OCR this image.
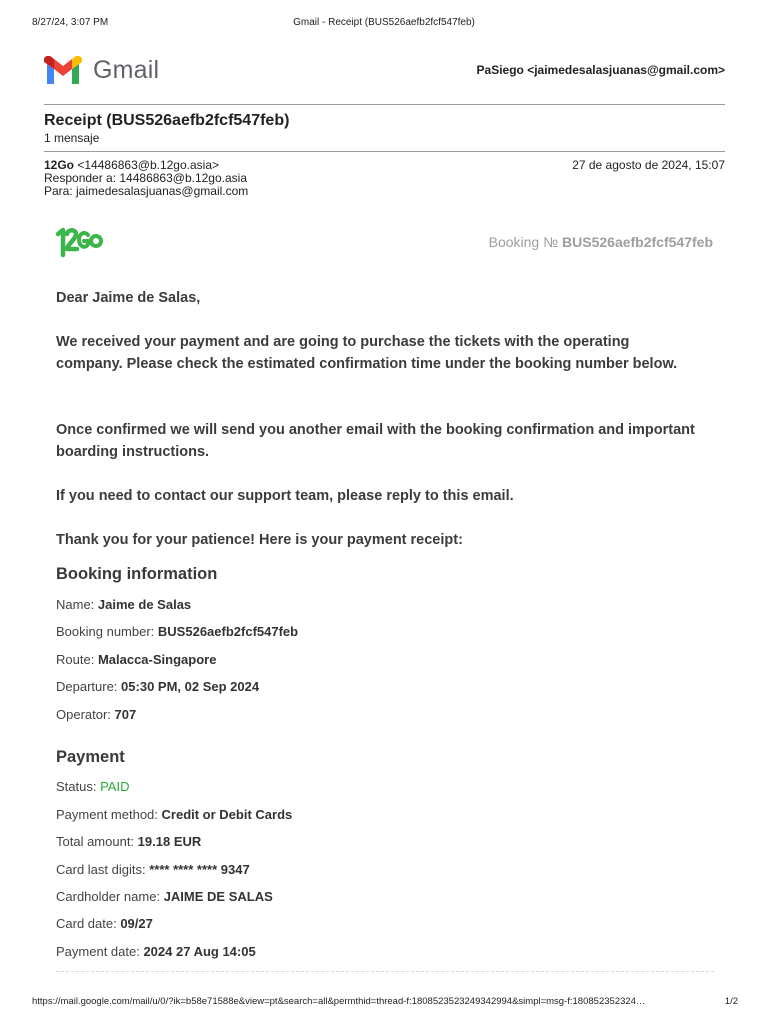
8/27/24, 3:07 PM	Gmail - Receipt (BUS526aefb2fcf547feb)
Gmail	PaSiego <jaimedesalasjuanas@gmail.com>
Receipt (BUS526aefb2fcf547feb)
1 mensaje
12Go <14486863@b.12go.asia>	27 de agosto de 2024, 15:07
Responder a: 14486863@b.12go.asia
Para: jaimedesalasjuanas@gmail.com
Booking № BUS526aefb2fcf547feb
Dear Jaime de Salas,
We received your payment and are going to purchase the tickets with the operating company. Please check the estimated confirmation time under the booking number below.
Once confirmed we will send you another email with the booking confirmation and important boarding instructions.
If you need to contact our support team, please reply to this email.
Thank you for your patience! Here is your payment receipt:
Booking information
Name: Jaime de Salas
Booking number: BUS526aefb2fcf547feb
Route: Malacca-Singapore
Departure: 05:30 PM, 02 Sep 2024
Operator: 707
Payment
Status: PAID
Payment method: Credit or Debit Cards
Total amount: 19.18 EUR
Card last digits: **** **** **** 9347
Cardholder name: JAIME DE SALAS
Card date: 09/27
Payment date: 2024 27 Aug 14:05
https://mail.google.com/mail/u/0/?ik=b58e71588e&view=pt&search=all&permthid=thread-f:1808523523249342994&simpl=msg-f:180852352324…	1/2
